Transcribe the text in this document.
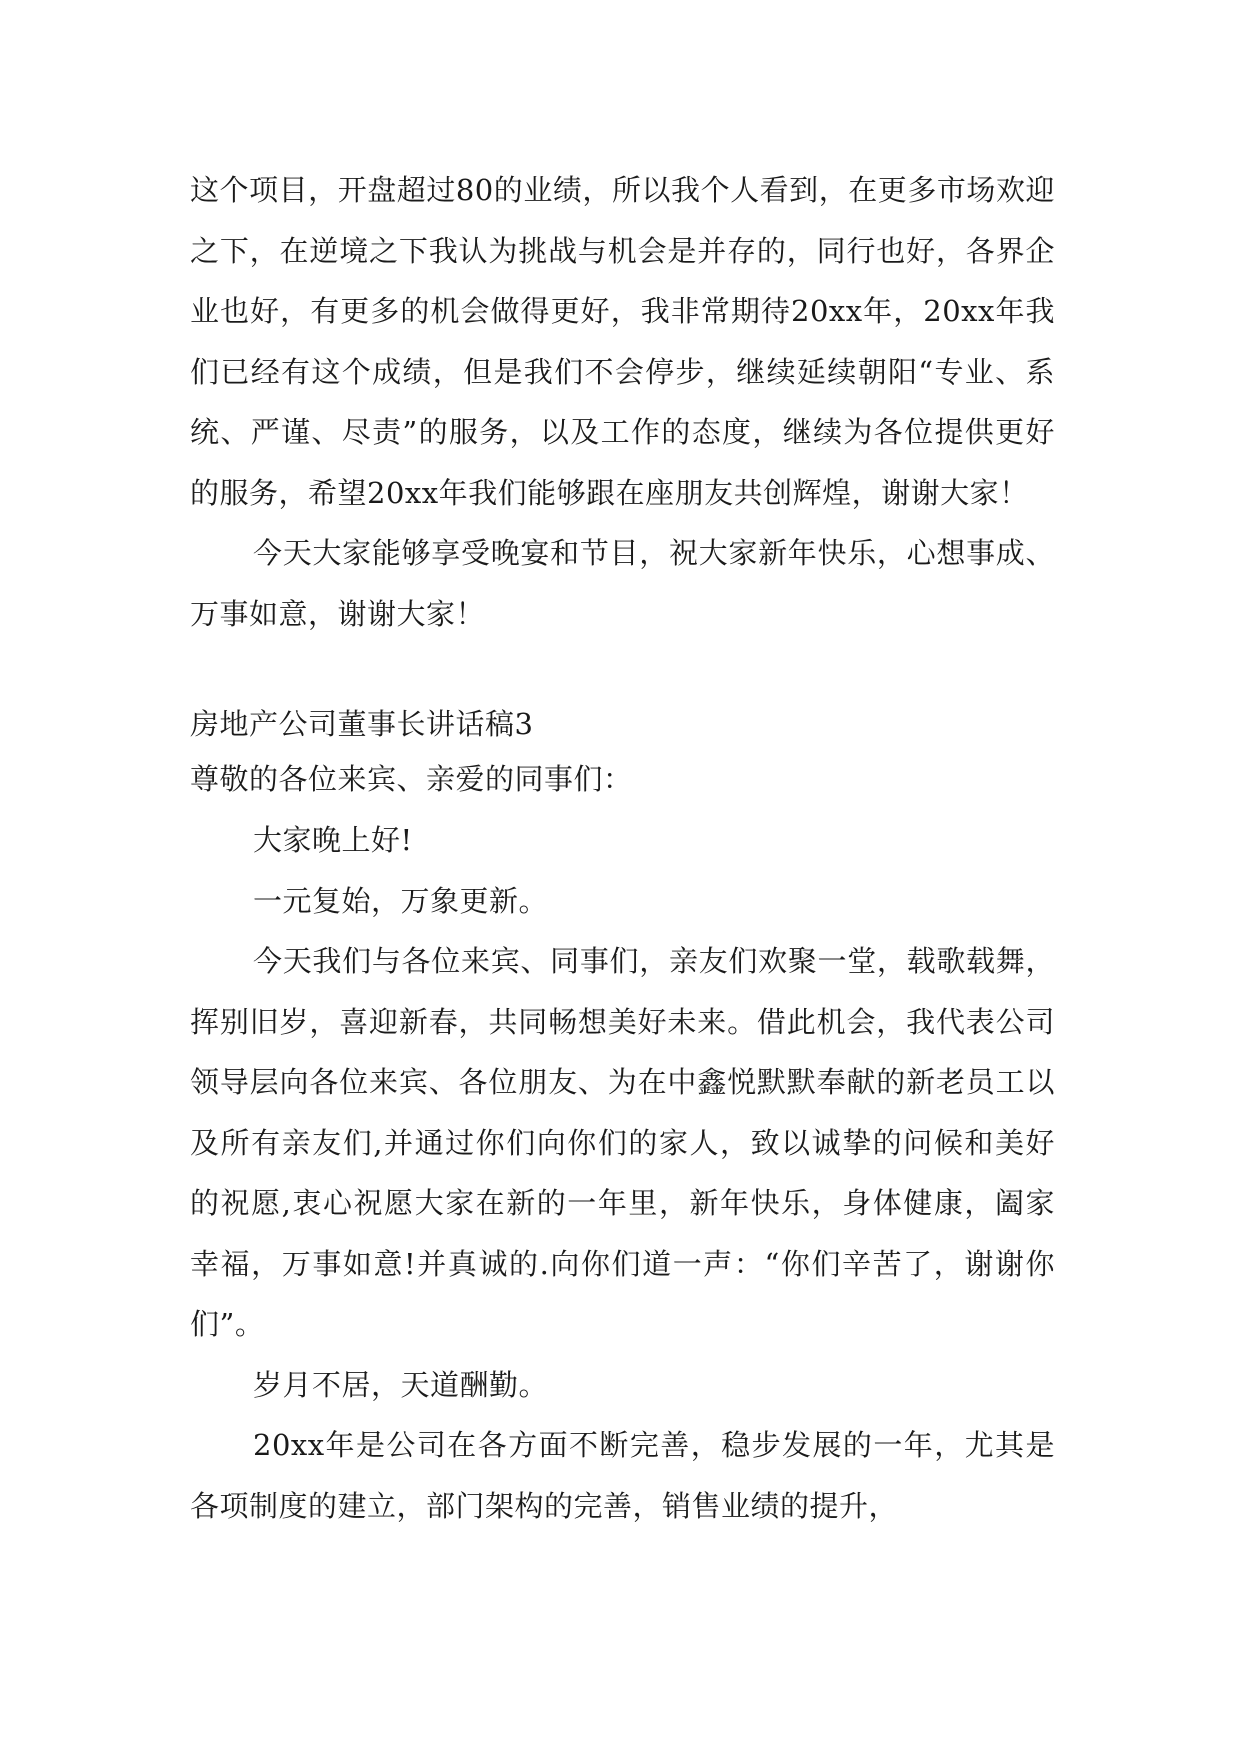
这个项目，开盘超过80的业绩，所以我个人看到，在更多市场欢迎之下，在逆境之下我认为挑战与机会是并存的，同行也好，各界企业也好，有更多的机会做得更好，我非常期待20xx年，20xx年我们已经有这个成绩，但是我们不会停步，继续延续朝阳“专业、系统、严谨、尽责”的服务，以及工作的态度，继续为各位提供更好的服务，希望20xx年我们能够跟在座朋友共创辉煌，谢谢大家！

今天大家能够享受晚宴和节目，祝大家新年快乐，心想事成、万事如意，谢谢大家！

房地产公司董事长讲话稿3

尊敬的各位来宾、亲爱的同事们：

大家晚上好!

一元复始，万象更新。

今天我们与各位来宾、同事们，亲友们欢聚一堂，载歌载舞，挥别旧岁，喜迎新春，共同畅想美好未来。借此机会，我代表公司领导层向各位来宾、各位朋友、为在中鑫悦默默奉献的新老员工以及所有亲友们,并通过你们向你们的家人，致以诚挚的问候和美好的祝愿,衷心祝愿大家在新的一年里，新年快乐，身体健康，阖家幸福，万事如意!并真诚的.向你们道一声：“你们辛苦了，谢谢你们”。

岁月不居，天道酬勤。

20xx年是公司在各方面不断完善，稳步发展的一年，尤其是各项制度的建立，部门架构的完善，销售业绩的提升，
